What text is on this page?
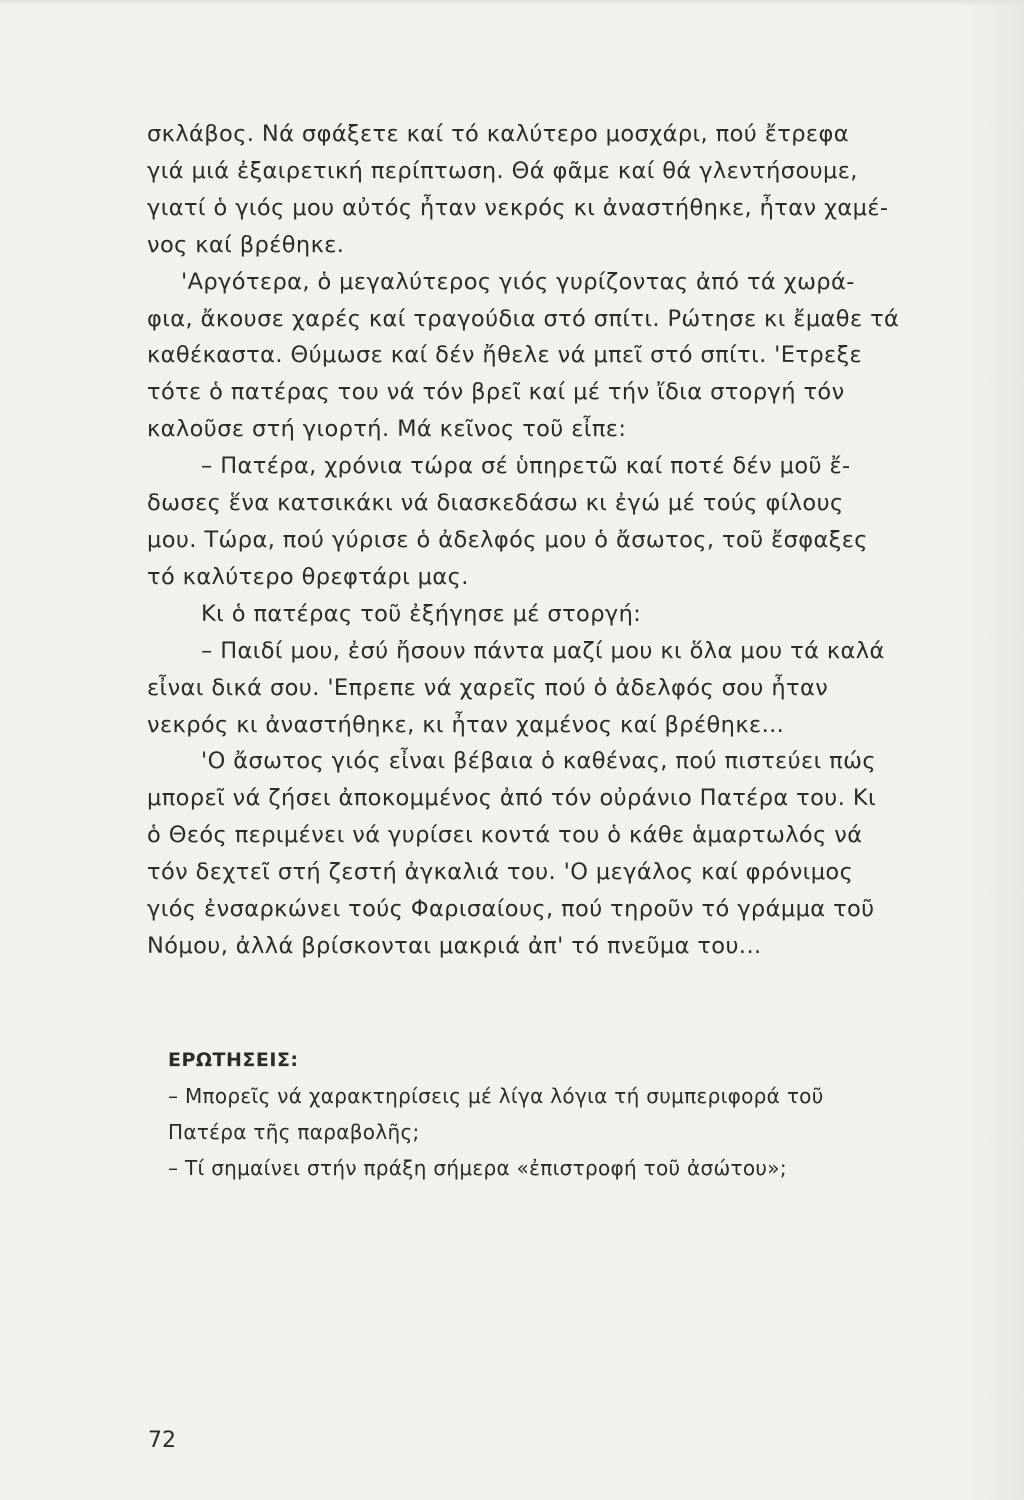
σκλάβος. Νά σφάξετε καί τό καλύτερο μοσχάρι, πού ἔτρεφα
γιά μιά ἐξαιρετική περίπτωση. Θά φᾶμε καί θά γλεντήσουμε,
γιατί ὁ γιός μου αὐτός ἦταν νεκρός κι ἀναστήθηκε, ἦταν χαμέ-
νος καί βρέθηκε.
'Αργότερα, ὁ μεγαλύτερος γιός γυρίζοντας ἀπό τά χωρά-
φια, ἄκουσε χαρές καί τραγούδια στό σπίτι. Ρώτησε κι ἔμαθε τά
καθέκαστα. Θύμωσε καί δέν ἤθελε νά μπεῖ στό σπίτι. 'Ετρεξε
τότε ὁ πατέρας του νά τόν βρεῖ καί μέ τήν ἴδια στοργή τόν
καλοῦσε στή γιορτή. Μά κεῖνος τοῦ εἶπε:
– Πατέρα, χρόνια τώρα σέ ὑπηρετῶ καί ποτέ δέν μοῦ ἔ-
δωσες ἕνα κατσικάκι νά διασκεδάσω κι ἐγώ μέ τούς φίλους
μου. Τώρα, πού γύρισε ὁ ἀδελφός μου ὁ ἄσωτος, τοῦ ἔσφαξες
τό καλύτερο θρεφτάρι μας.
Κι ὁ πατέρας τοῦ ἐξήγησε μέ στοργή:
– Παιδί μου, ἐσύ ἤσουν πάντα μαζί μου κι ὅλα μου τά καλά
εἶναι δικά σου. 'Επρεπε νά χαρεῖς πού ὁ ἀδελφός σου ἦταν
νεκρός κι ἀναστήθηκε, κι ἦταν χαμένος καί βρέθηκε...
'Ο ἄσωτος γιός εἶναι βέβαια ὁ καθένας, πού πιστεύει πώς
μπορεῖ νά ζήσει ἀποκομμένος ἀπό τόν οὐράνιο Πατέρα του. Κι
ὁ Θεός περιμένει νά γυρίσει κοντά του ὁ κάθε ἁμαρτωλός νά
τόν δεχτεῖ στή ζεστή ἀγκαλιά του. 'Ο μεγάλος καί φρόνιμος
γιός ἐνσαρκώνει τούς Φαρισαίους, πού τηροῦν τό γράμμα τοῦ
Νόμου, ἀλλά βρίσκονται μακριά ἀπ' τό πνεῦμα του...
ΕΡΩΤΗΣΕΙΣ:
– Μπορεῖς νά χαρακτηρίσεις μέ λίγα λόγια τή συμπεριφορά τοῦ
Πατέρα τῆς παραβολῆς;
– Τί σημαίνει στήν πράξη σήμερα «ἐπιστροφή τοῦ ἀσώτου»;
72
